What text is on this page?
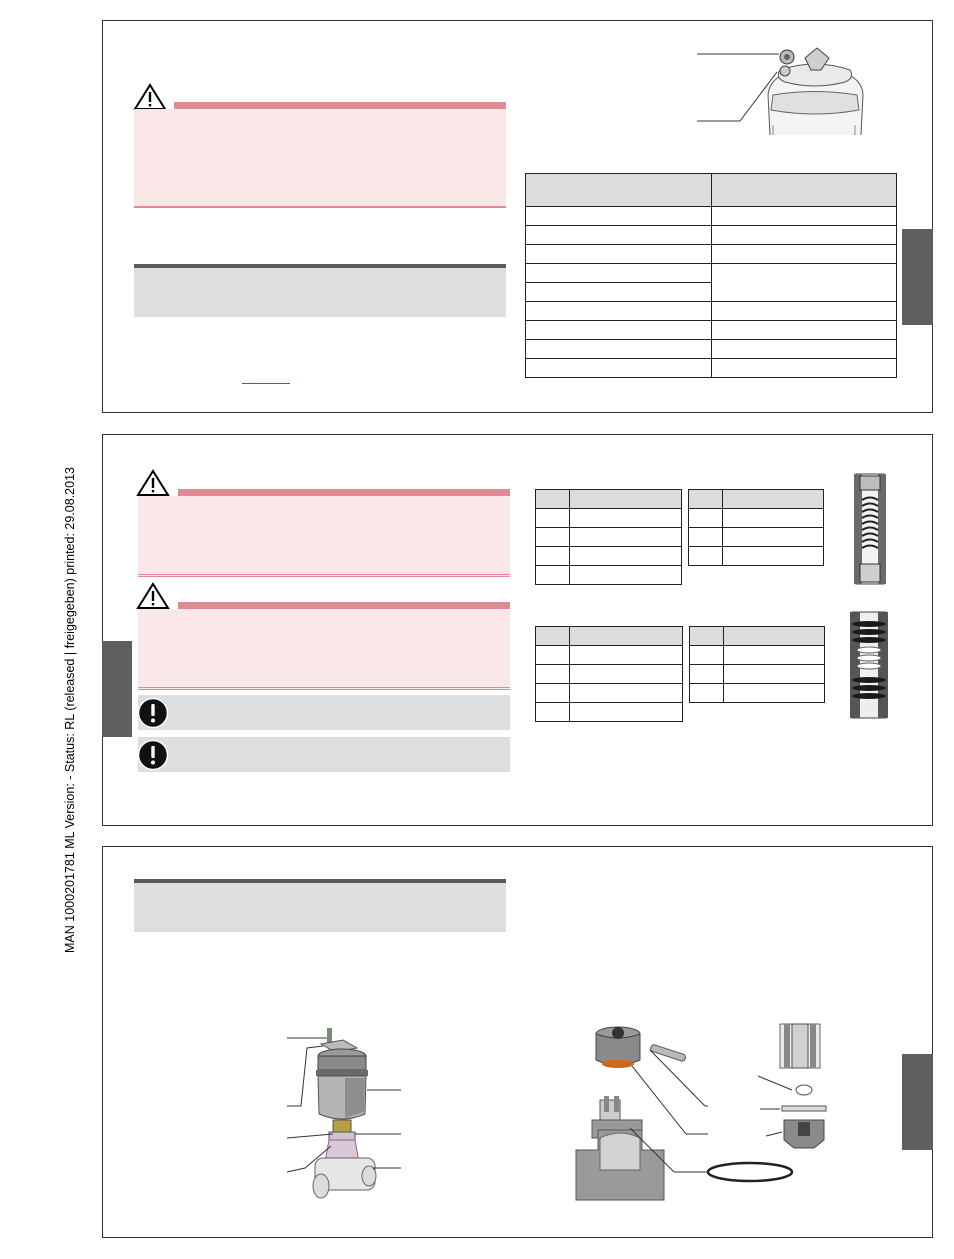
MAN 1000201781 ML Version: - Status: RL (released | freigegeben) printed: 29.08.2013
